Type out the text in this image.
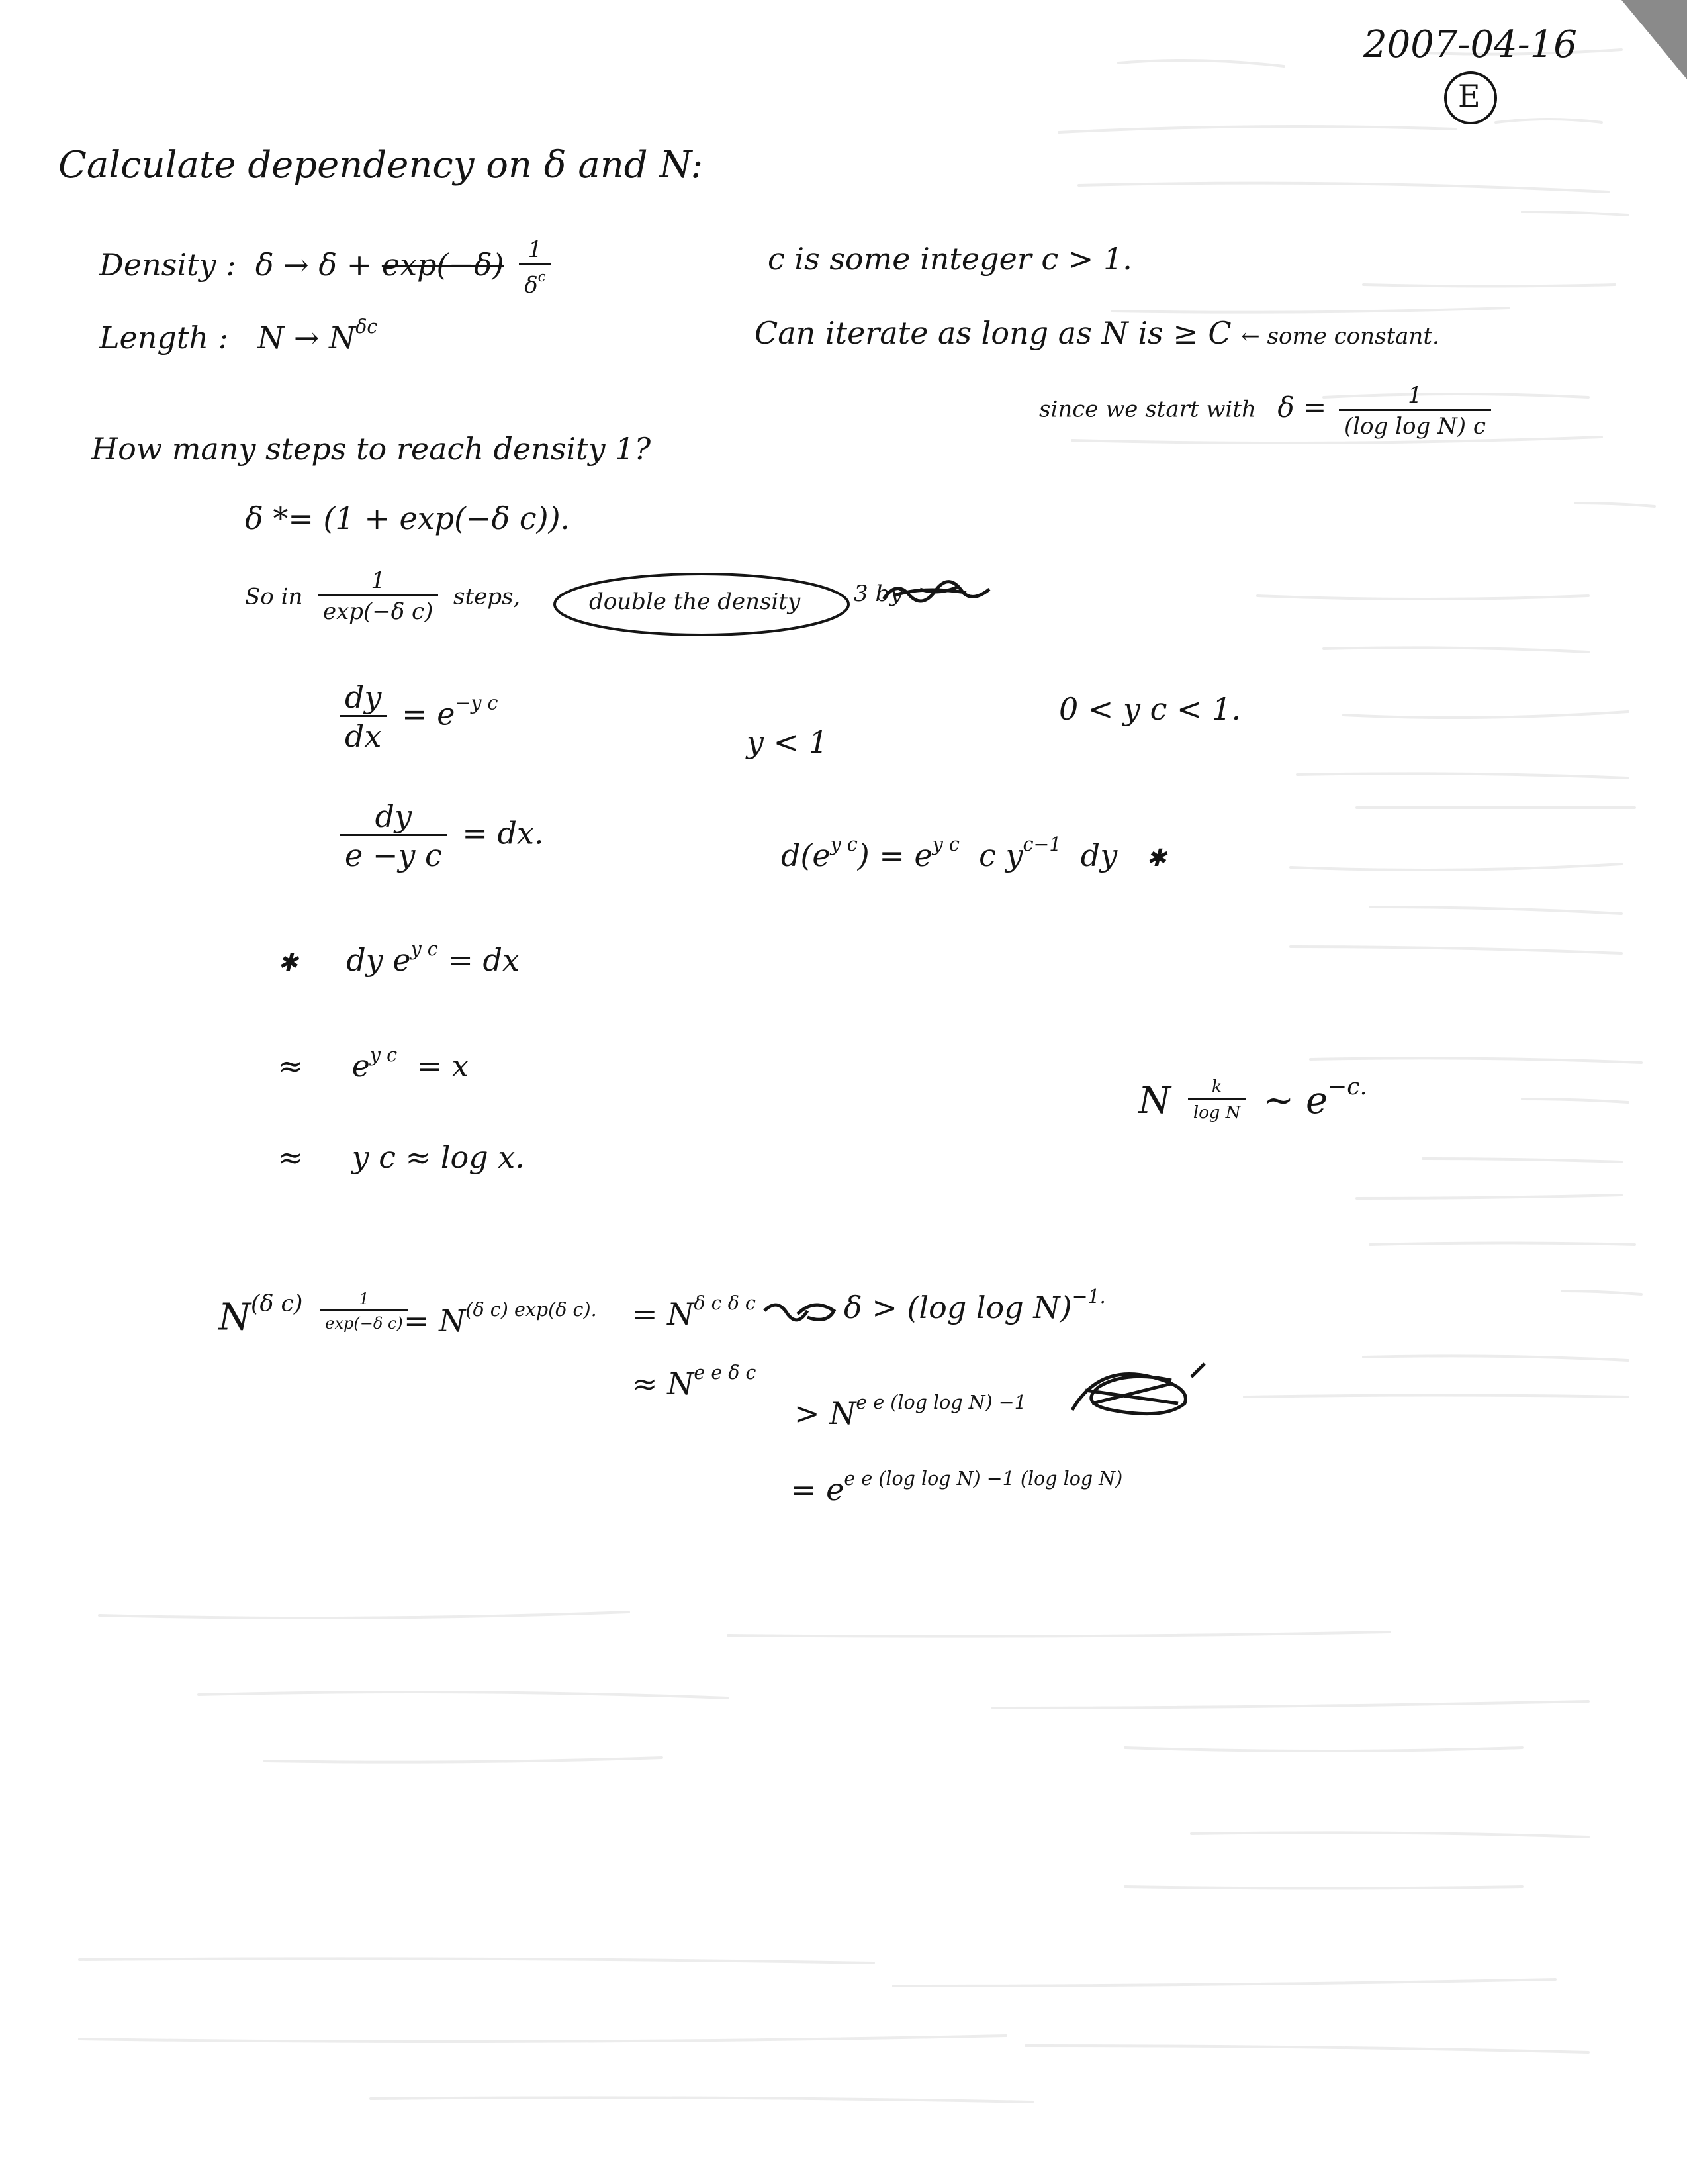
2007-04-16
E
Calculate dependency on δ and N:
Density : $\delta \to \delta + \exp(-\delta) \frac{1}{\delta^c}$
Length : $N \to N^{\delta c}$
c is some integer c > 1.
Can iterate as long as N is ≥ C ← some constant.
since we start with $\delta = \frac{1}{\text{(log log N) c}}$
How many steps to reach density 1?
δ *= (1 + exp(−δ c)).
So in $\frac{1}{\text{exp(−δ c)}}$ steps,	double the density 3 by
$\frac{dy}{dx} = e^{-y c}$
y < 1
0 < y c < 1.
$\frac{dy}{\text{e −y c}}$ = dx.
$d(e^{y c}) = e^{y c}$ c $y^{c-1}$ dy ✱
✱ dy $e^{y c}$ = dx
≈ $e^{y c} = x$
≈ y c ≈ log x.
N $\frac{k}{\text{log N}}$ ~ $e^{-c.}$
$N^{(\delta c)} \frac{1}{\text{exp(−δ c)}}$
= $N^{(\delta c) exp(\delta c).} = N^{\delta c \delta c}$	δ > (log log N)$^{-1.}$
≈ $N^{e e \delta c}$
> $N^{e e (log log N) -1}$
= $e^{e e (log log N) -1 (log log N)}$
